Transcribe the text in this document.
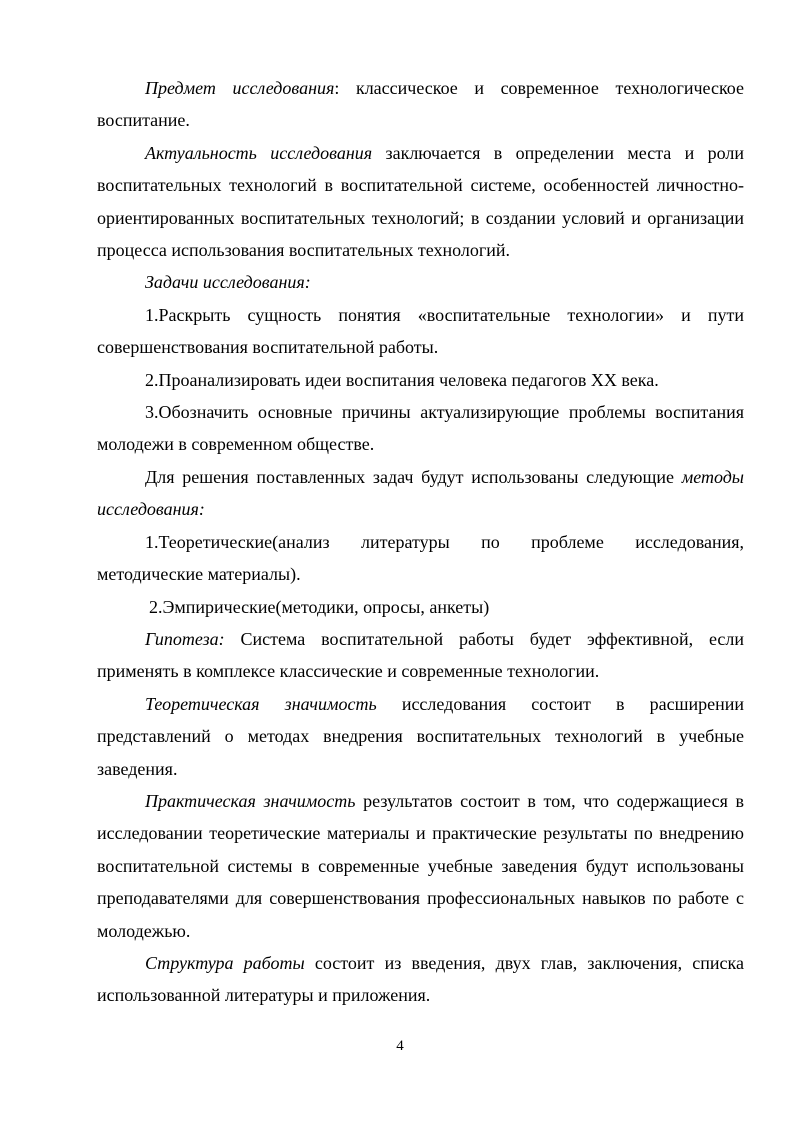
Предмет исследования: классическое и современное технологическое воспитание.

Актуальность исследования заключается в определении места и роли воспитательных технологий в воспитательной системе, особенностей личностно-ориентированных воспитательных технологий; в создании условий и организации процесса использования воспитательных технологий.

Задачи исследования:

1.Раскрыть сущность понятия «воспитательные технологии» и пути совершенствования воспитательной работы.

2.Проанализировать идеи воспитания человека педагогов XX века.

3.Обозначить основные причины актуализирующие проблемы воспитания молодежи в современном обществе.

Для решения поставленных задач будут использованы следующие методы исследования:

1.Теоретические(анализ литературы по проблеме исследования, методические материалы).

2.Эмпирические(методики, опросы, анкеты)

Гипотеза: Система воспитательной работы будет эффективной, если применять в комплексе классические и современные технологии.

Теоретическая значимость исследования состоит в расширении представлений о методах внедрения воспитательных технологий в учебные заведения.

Практическая значимость результатов состоит в том, что содержащиеся в исследовании теоретические материалы и практические результаты по внедрению воспитательной системы в современные учебные заведения будут использованы преподавателями для совершенствования профессиональных навыков по работе с молодежью.

Структура работы состоит из введения, двух глав, заключения, списка использованной литературы и приложения.

4
